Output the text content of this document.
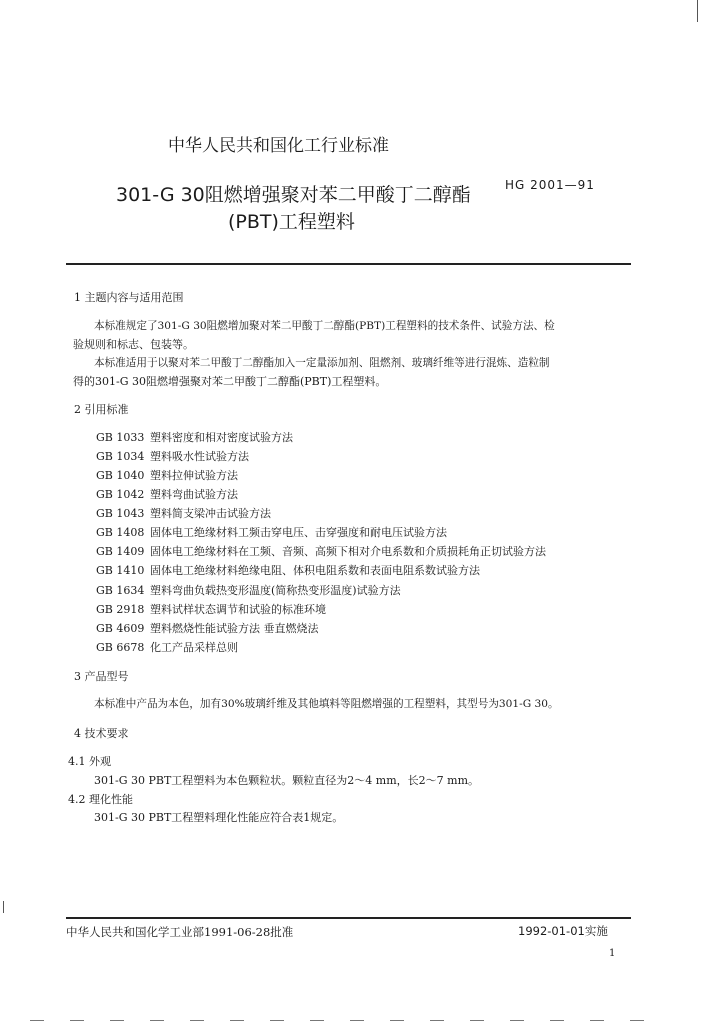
中华人民共和国化工行业标准
301-G 30阻燃增强聚对苯二甲酸丁二醇酯	HG 2001—91
(PBT)工程塑料
1 主题内容与适用范围
本标准规定了301-G 30阻燃增加聚对苯二甲酸丁二醇酯(PBT)工程塑料的技术条件、试验方法、检
验规则和标志、包装等。
本标准适用于以聚对苯二甲酸丁二醇酯加入一定量添加剂、阻燃剂、玻璃纤维等进行混炼、造粒制
得的301-G 30阻燃增强聚对苯二甲酸丁二醇酯(PBT)工程塑料。
2 引用标准
GB 1033 塑料密度和相对密度试验方法
GB 1034 塑料吸水性试验方法
GB 1040 塑料拉伸试验方法
GB 1042 塑料弯曲试验方法
GB 1043 塑料简支梁冲击试验方法
GB 1408 固体电工绝缘材料工频击穿电压、击穿强度和耐电压试验方法
GB 1409 固体电工绝缘材料在工频、音频、高频下相对介电系数和介质损耗角正切试验方法
GB 1410 固体电工绝缘材料绝缘电阻、体积电阻系数和表面电阻系数试验方法
GB 1634 塑料弯曲负载热变形温度(简称热变形温度)试验方法
GB 2918 塑料试样状态调节和试验的标准环境
GB 4609 塑料燃烧性能试验方法 垂直燃烧法
GB 6678 化工产品采样总则
3 产品型号
本标准中产品为本色，加有30%玻璃纤维及其他填料等阻燃增强的工程塑料，其型号为301-G 30。
4 技术要求
4.1 外观
301-G 30 PBT工程塑料为本色颗粒状。颗粒直径为2～4 mm，长2～7 mm。
4.2 理化性能
301-G 30 PBT工程塑料理化性能应符合表1规定。
中华人民共和国化学工业部1991-06-28批准	1992-01-01实施
1
